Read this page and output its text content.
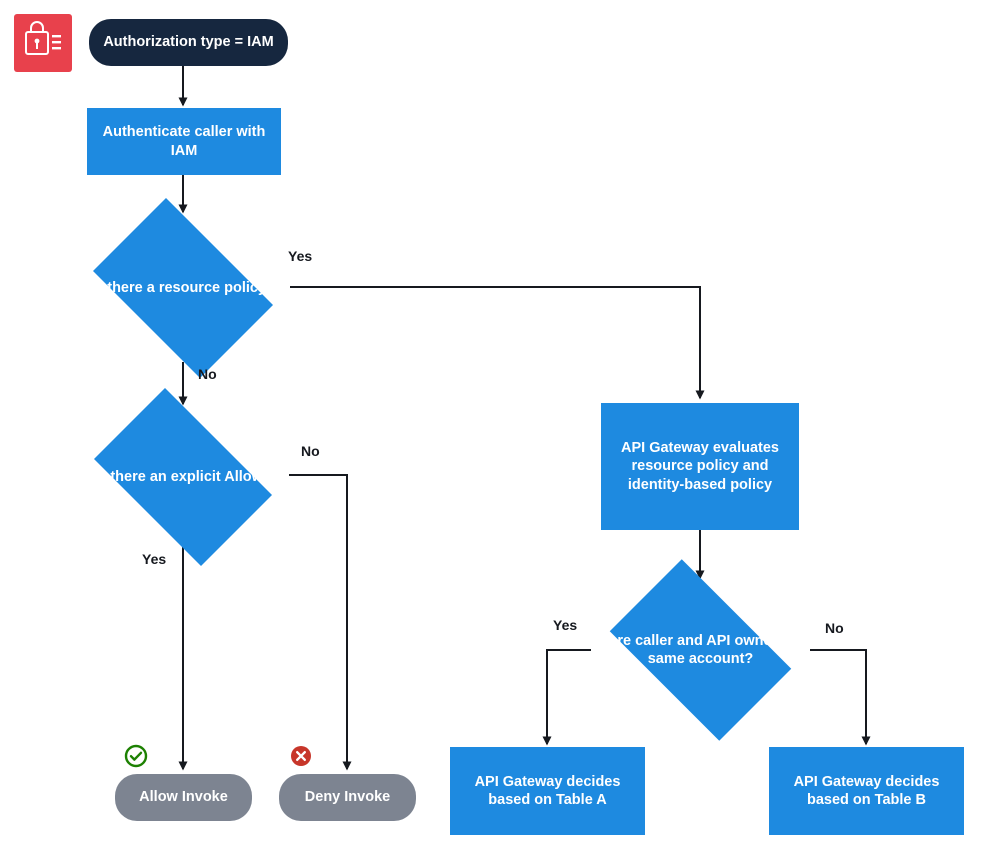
Authorization type = IAM
Authenticate caller with IAM
Is there a resource policy?
Is there an explicit Allow?
API Gateway evaluates resource policy and identity-based policy
Are caller and API owner in same account?
Allow Invoke	Deny Invoke
API Gateway decides based on Table A
API Gateway decides based on Table B
Yes
No
No
Yes
Yes	No
